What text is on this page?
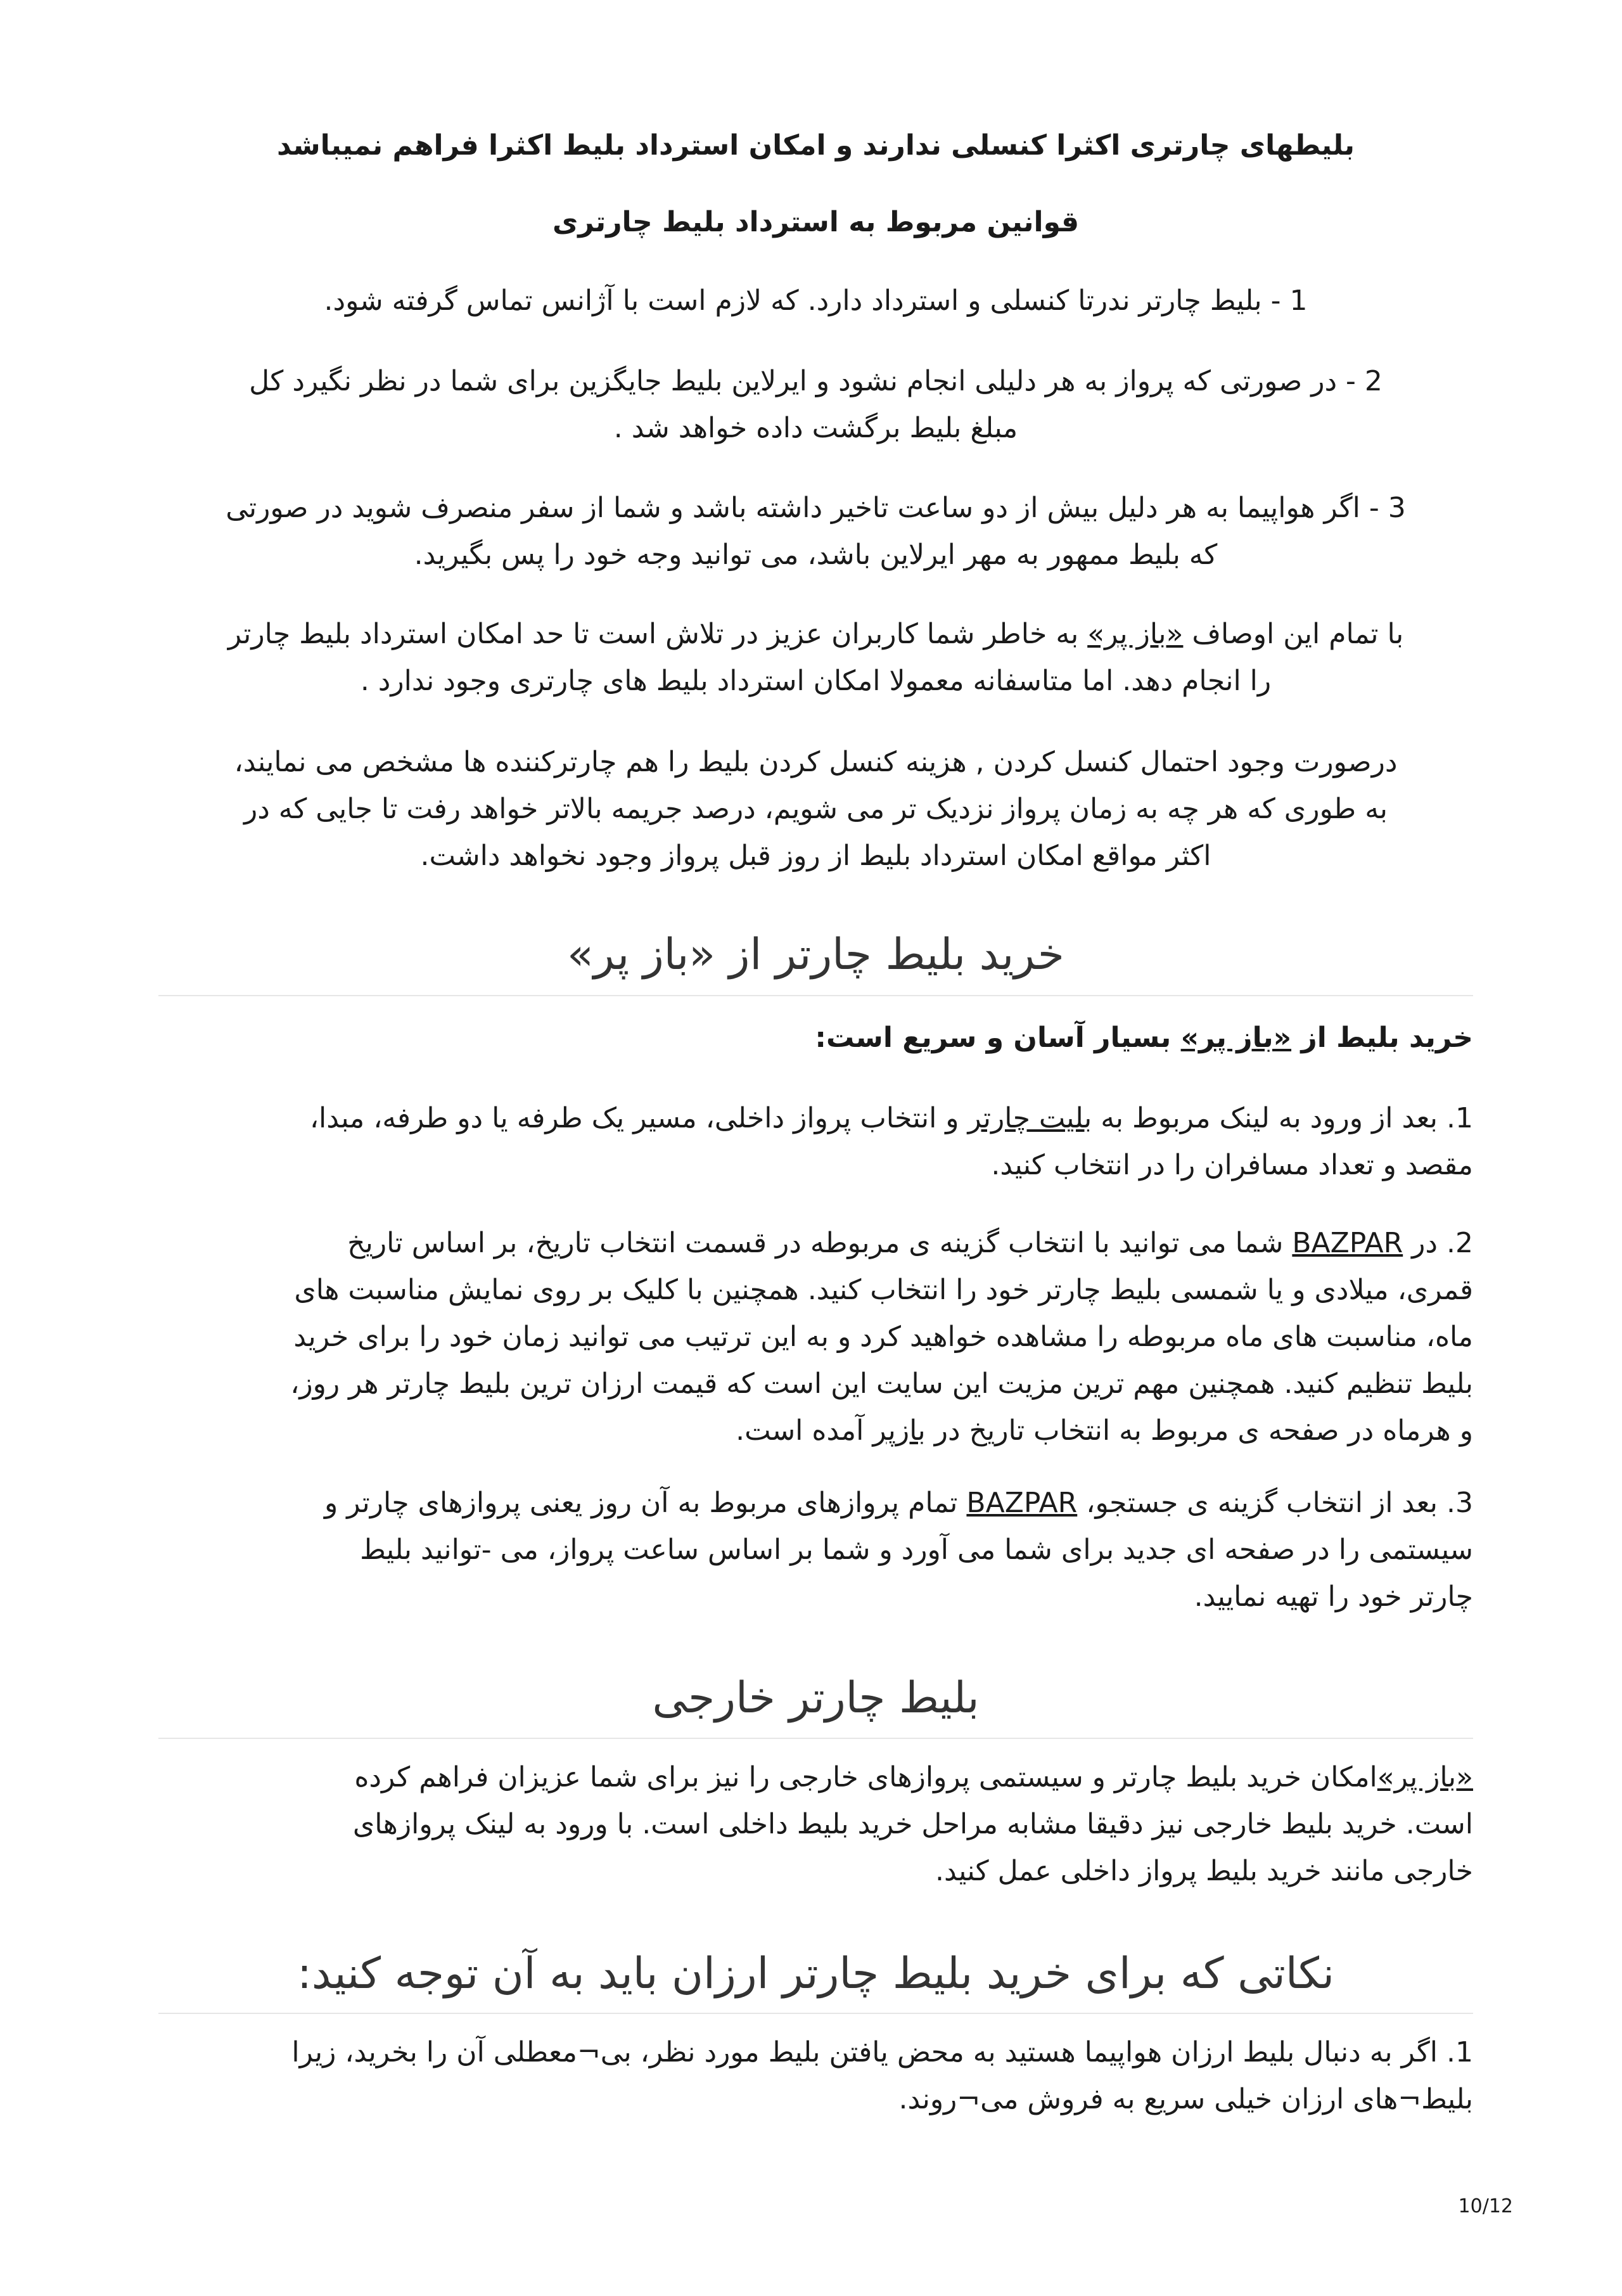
بلیطهای چارتری اکثرا کنسلی ندارند و امکان استرداد بلیط اکثرا فراهم نمیباشد
قوانین مربوط به استرداد بلیط چارتری
1 - بلیط چارتر ندرتا کنسلی و استرداد دارد. که لازم است با آژانس تماس گرفته شود.
2 - در صورتی که پرواز به هر دلیلی انجام نشود و ایرلاین بلیط جایگزین برای شما در نظر نگیرد کل
مبلغ بلیط برگشت داده خواهد شد .
3 - اگر هواپیما به هر دلیل بیش از دو ساعت تاخیر داشته باشد و شما از سفر منصرف شوید در صورتی
که بلیط ممهور به مهر ایرلاین باشد، می توانید وجه خود را پس بگیرید.
با تمام این اوصاف «باز پر» به خاطر شما کاربران عزیز در تلاش است تا حد امکان استرداد بلیط چارتر
را انجام دهد. اما متاسفانه معمولا امکان استرداد بلیط های چارتری وجود ندارد .
درصورت وجود احتمال کنسل کردن , هزینه کنسل کردن بلیط را هم چارترکننده ها مشخص می نمایند،
به طوری که هر چه به زمان پرواز نزدیک تر می شویم، درصد جریمه بالاتر خواهد رفت تا جایی که در
اکثر مواقع امکان استرداد بلیط از روز قبل پرواز وجود نخواهد داشت.
خرید بلیط چارتر از «باز پر»
خرید بلیط از «باز پر» بسیار آسان و سریع است:
1. بعد از ورود به لینک مربوط به بلیت چارتر و انتخاب پرواز داخلی، مسیر یک طرفه یا دو طرفه، مبدا،
مقصد و تعداد مسافران را در انتخاب کنید.
2. در BAZPAR شما می توانید با انتخاب گزینه ی مربوطه در قسمت انتخاب تاریخ، بر اساس تاریخ
قمری، میلادی و یا شمسی بلیط چارتر خود را انتخاب کنید. همچنین با کلیک بر روی نمایش مناسبت های
ماه، مناسبت های ماه مربوطه را مشاهده خواهید کرد و به این ترتیب می توانید زمان خود را برای خرید
بلیط تنظیم کنید. همچنین مهم ترین مزیت این سایت این است که قیمت ارزان ترین بلیط چارتر هر روز،
و هرماه در صفحه ی مربوط به انتخاب تاریخ در بازپر آمده است.
3. بعد از انتخاب گزینه ی جستجو، BAZPAR تمام پروازهای مربوط به آن روز یعنی پروازهای چارتر و
سیستمی را در صفحه ای جدید برای شما می آورد و شما بر اساس ساعت پرواز، می -توانید بلیط
چارتر خود را تهیه نمایید.
بلیط چارتر خارجی
«باز پر»امکان خرید بلیط چارتر و سیستمی پروازهای خارجی را نیز برای شما عزیزان فراهم کرده
است. خرید بلیط خارجی نیز دقیقا مشابه مراحل خرید بلیط داخلی است. با ورود به لینک پروازهای
خارجی مانند خرید بلیط پرواز داخلی عمل کنید.
نکاتی که برای خرید بلیط چارتر ارزان باید به آن توجه کنید:
1. اگر به دنبال بلیط ارزان هواپیما هستید به محض یافتن بلیط مورد نظر، بی¬معطلی آن را بخرید، زیرا
بلیط¬های ارزان خیلی سریع به فروش می¬روند.
10/12
